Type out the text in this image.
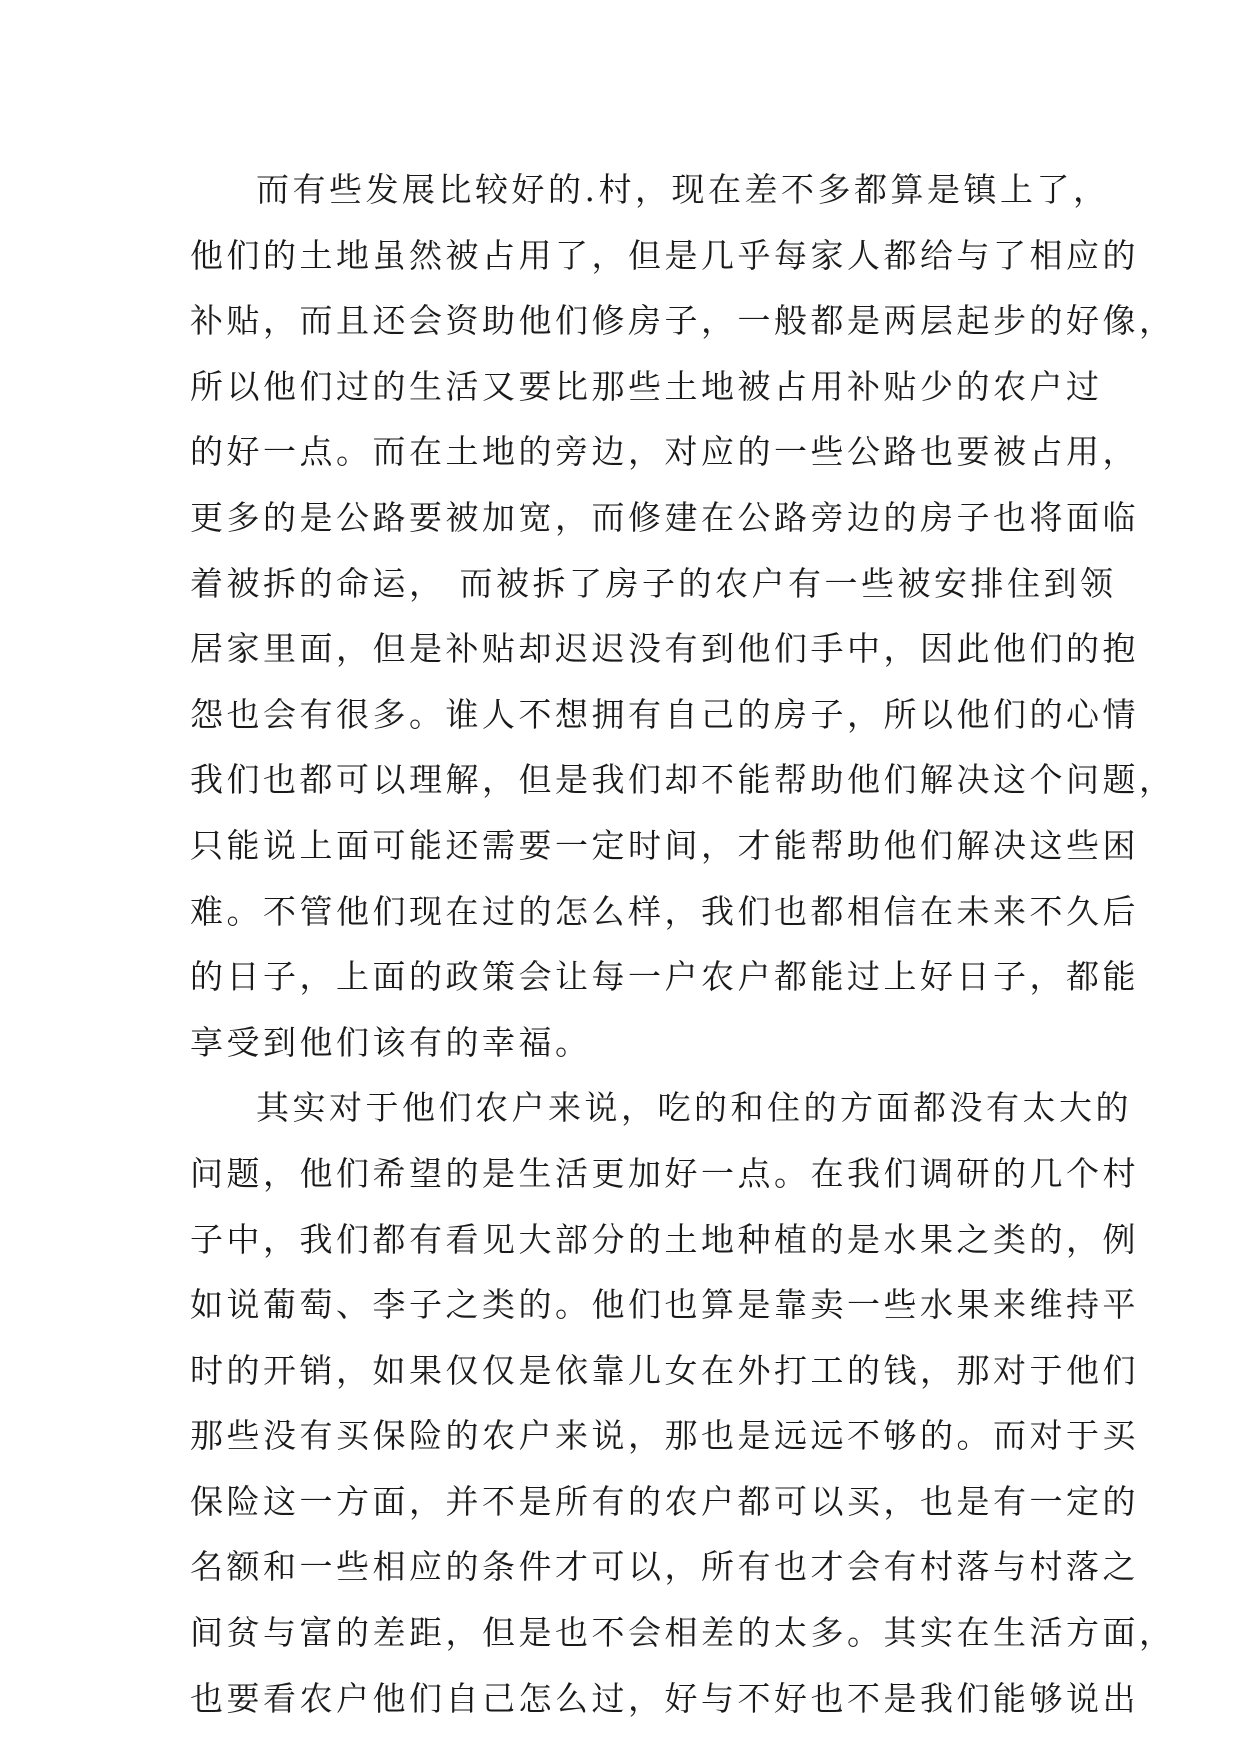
而有些发展比较好的.村，现在差不多都算是镇上了，
他们的土地虽然被占用了，但是几乎每家人都给与了相应的
补贴，而且还会资助他们修房子，一般都是两层起步的好像，
所以他们过的生活又要比那些土地被占用补贴少的农户过
的好一点。而在土地的旁边，对应的一些公路也要被占用，
更多的是公路要被加宽，而修建在公路旁边的房子也将面临
着被拆的命运， 而被拆了房子的农户有一些被安排住到领
居家里面，但是补贴却迟迟没有到他们手中，因此他们的抱
怨也会有很多。谁人不想拥有自己的房子，所以他们的心情
我们也都可以理解，但是我们却不能帮助他们解决这个问题，
只能说上面可能还需要一定时间，才能帮助他们解决这些困
难。不管他们现在过的怎么样，我们也都相信在未来不久后
的日子，上面的政策会让每一户农户都能过上好日子，都能
享受到他们该有的幸福。
其实对于他们农户来说，吃的和住的方面都没有太大的
问题，他们希望的是生活更加好一点。在我们调研的几个村
子中，我们都有看见大部分的土地种植的是水果之类的，例
如说葡萄、李子之类的。他们也算是靠卖一些水果来维持平
时的开销，如果仅仅是依靠儿女在外打工的钱，那对于他们
那些没有买保险的农户来说，那也是远远不够的。而对于买
保险这一方面，并不是所有的农户都可以买，也是有一定的
名额和一些相应的条件才可以，所有也才会有村落与村落之
间贫与富的差距，但是也不会相差的太多。其实在生活方面，
也要看农户他们自己怎么过，好与不好也不是我们能够说出
